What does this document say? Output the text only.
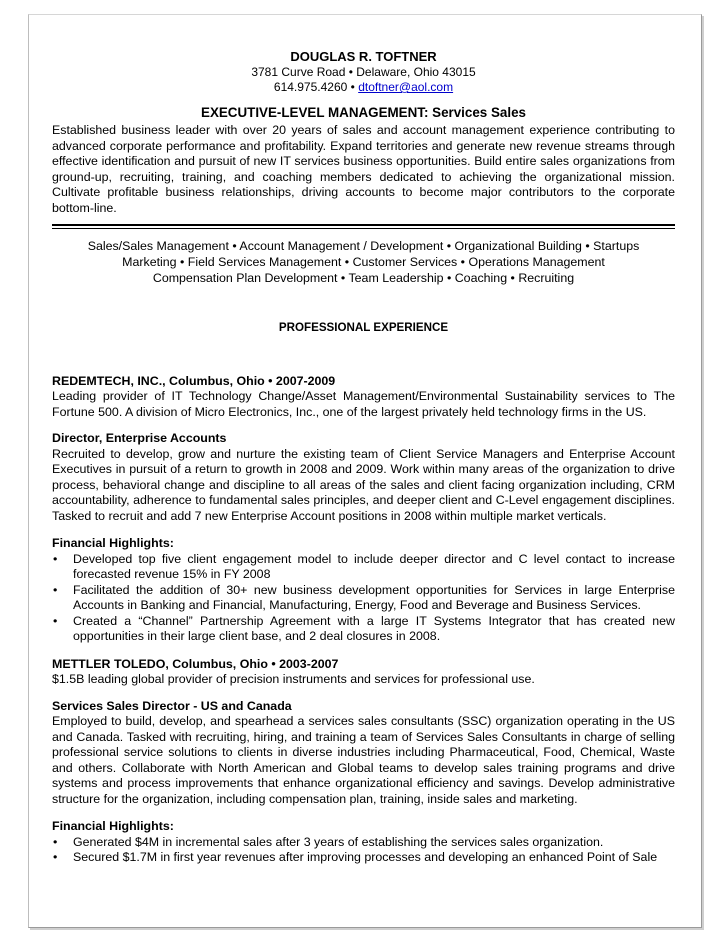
DOUGLAS R. TOFTNER
3781 Curve Road • Delaware, Ohio 43015
614.975.4260 • dtoftner@aol.com
EXECUTIVE-LEVEL MANAGEMENT: Services Sales
Established business leader with over 20 years of sales and account management experience contributing to advanced corporate performance and profitability. Expand territories and generate new revenue streams through effective identification and pursuit of new IT services business opportunities. Build entire sales organizations from ground-up, recruiting, training, and coaching members dedicated to achieving the organizational mission. Cultivate profitable business relationships, driving accounts to become major contributors to the corporate bottom-line.
Sales/Sales Management • Account Management / Development • Organizational Building • Startups
Marketing • Field Services Management • Customer Services • Operations Management
Compensation Plan Development • Team Leadership • Coaching • Recruiting
PROFESSIONAL EXPERIENCE
REDEMTECH, INC., Columbus, Ohio • 2007-2009
Leading provider of IT Technology Change/Asset Management/Environmental Sustainability services to The Fortune 500. A division of Micro Electronics, Inc., one of the largest privately held technology firms in the US.
Director, Enterprise Accounts
Recruited to develop, grow and nurture the existing team of Client Service Managers and Enterprise Account Executives in pursuit of a return to growth in 2008 and 2009. Work within many areas of the organization to drive process, behavioral change and discipline to all areas of the sales and client facing organization including, CRM accountability, adherence to fundamental sales principles, and deeper client and C-Level engagement disciplines. Tasked to recruit and add 7 new Enterprise Account positions in 2008 within multiple market verticals.
Financial Highlights:
• Developed top five client engagement model to include deeper director and C level contact to increase forecasted revenue 15% in FY 2008
• Facilitated the addition of 30+ new business development opportunities for Services in large Enterprise Accounts in Banking and Financial, Manufacturing, Energy, Food and Beverage and Business Services.
• Created a “Channel” Partnership Agreement with a large IT Systems Integrator that has created new opportunities in their large client base, and 2 deal closures in 2008.
METTLER TOLEDO, Columbus, Ohio • 2003-2007
$1.5B leading global provider of precision instruments and services for professional use.
Services Sales Director - US and Canada
Employed to build, develop, and spearhead a services sales consultants (SSC) organization operating in the US and Canada. Tasked with recruiting, hiring, and training a team of Services Sales Consultants in charge of selling professional service solutions to clients in diverse industries including Pharmaceutical, Food, Chemical, Waste and others. Collaborate with North American and Global teams to develop sales training programs and drive systems and process improvements that enhance organizational efficiency and savings. Develop administrative structure for the organization, including compensation plan, training, inside sales and marketing.
Financial Highlights:
• Generated $4M in incremental sales after 3 years of establishing the services sales organization.
• Secured $1.7M in first year revenues after improving processes and developing an enhanced Point of Sale
